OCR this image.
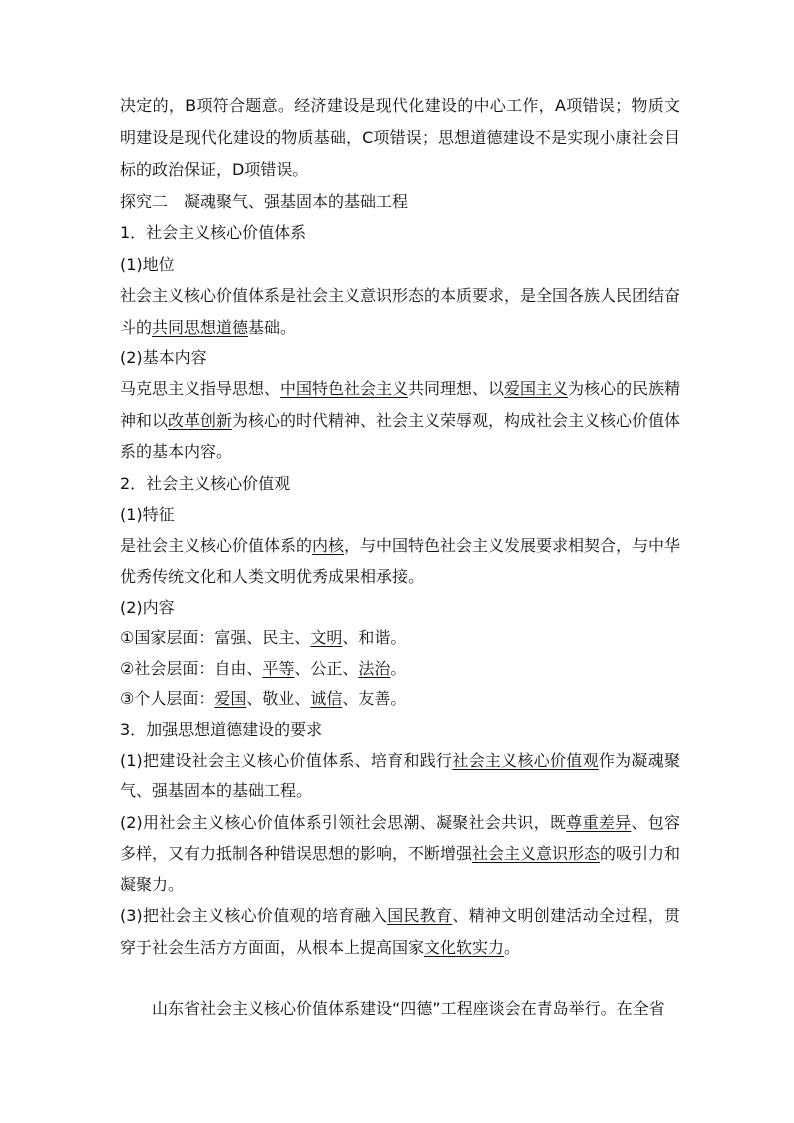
决定的，B项符合题意。经济建设是现代化建设的中心工作，A项错误；物质文
明建设是现代化建设的物质基础，C项错误；思想道德建设不是实现小康社会目
标的政治保证，D项错误。
探究二　凝魂聚气、强基固本的基础工程
1．社会主义核心价值体系
(1)地位
社会主义核心价值体系是社会主义意识形态的本质要求，是全国各族人民团结奋
斗的共同思想道德基础。
(2)基本内容
马克思主义指导思想、中国特色社会主义共同理想、以爱国主义为核心的民族精
神和以改革创新为核心的时代精神、社会主义荣辱观，构成社会主义核心价值体
系的基本内容。
2．社会主义核心价值观
(1)特征
是社会主义核心价值体系的内核，与中国特色社会主义发展要求相契合，与中华
优秀传统文化和人类文明优秀成果相承接。
(2)内容
①国家层面：富强、民主、文明、和谐。
②社会层面：自由、平等、公正、法治。
③个人层面：爱国、敬业、诚信、友善。
3．加强思想道德建设的要求
(1)把建设社会主义核心价值体系、培育和践行社会主义核心价值观作为凝魂聚
气、强基固本的基础工程。
(2)用社会主义核心价值体系引领社会思潮、凝聚社会共识，既尊重差异、包容
多样，又有力抵制各种错误思想的影响，不断增强社会主义意识形态的吸引力和
凝聚力。
(3)把社会主义核心价值观的培育融入国民教育、精神文明创建活动全过程，贯
穿于社会生活方方面面，从根本上提高国家文化软实力。
山东省社会主义核心价值体系建设“四德”工程座谈会在青岛举行。在全省
